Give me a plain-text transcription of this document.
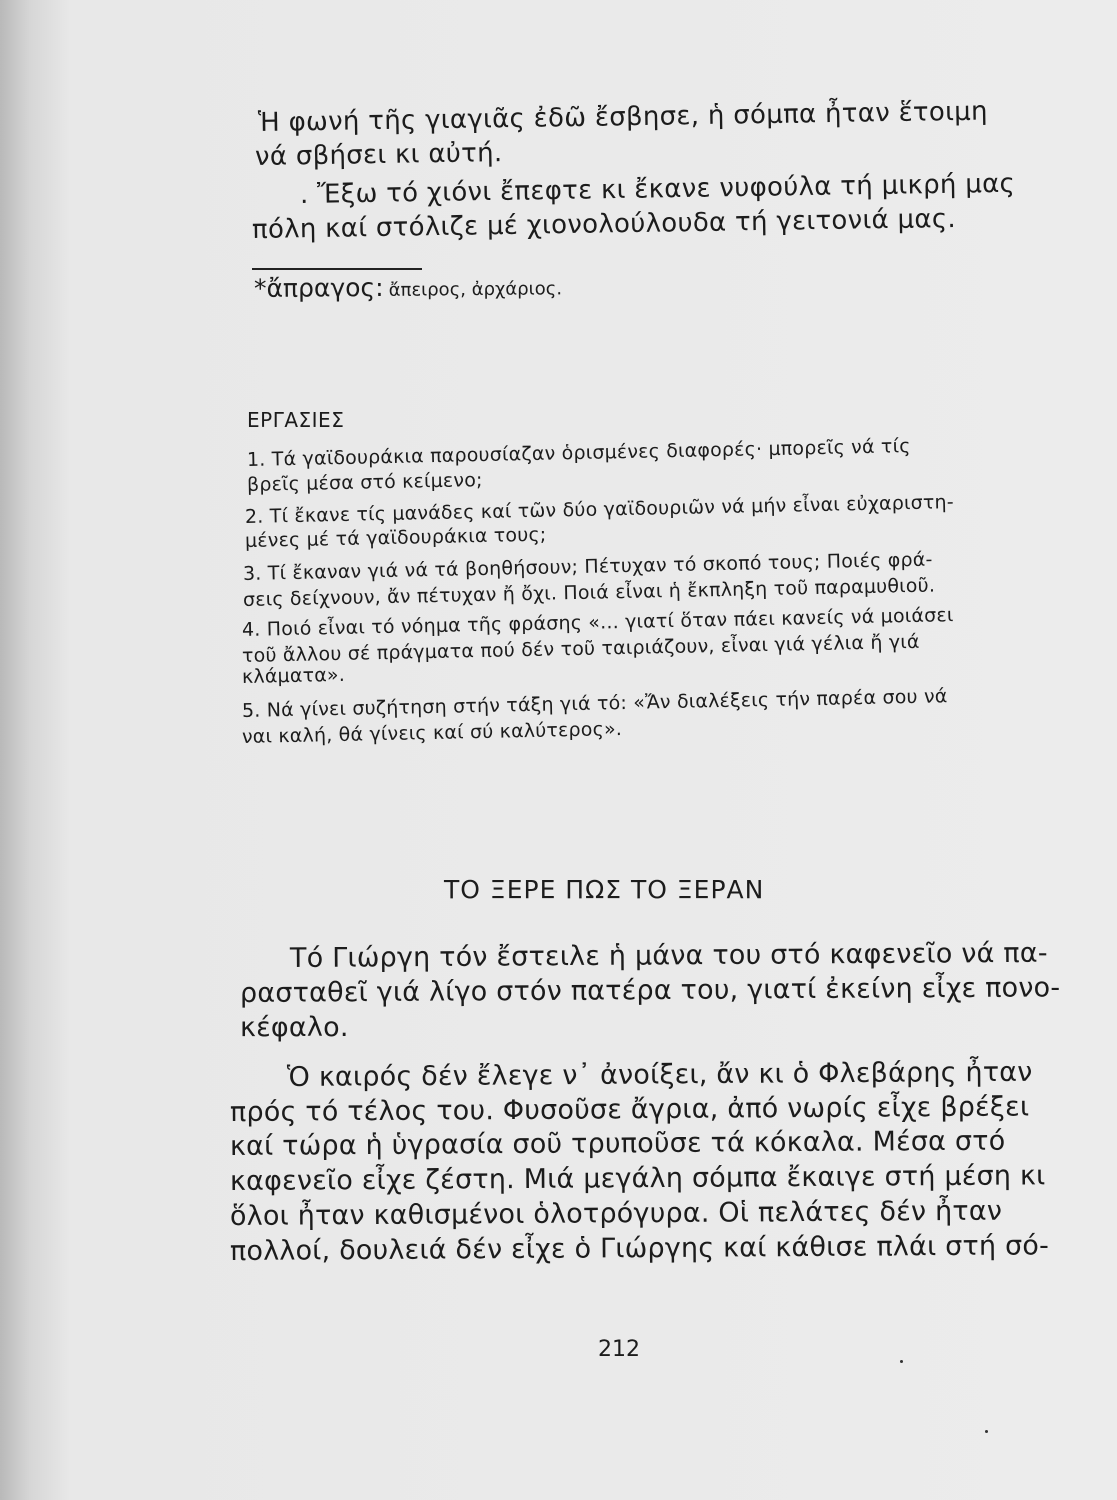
Ἡ φωνή τῆς γιαγιᾶς ἐδῶ ἔσβησε, ἡ σόμπα ἦταν ἕτοιμη
νά σβήσει κι αὐτή.
. Ἔξω τό χιόνι ἔπεφτε κι ἔκανε νυφούλα τή μικρή μας
πόλη καί στόλιζε μέ χιονολούλουδα τή γειτονιά μας.
*ἄπραγος: ἄπειρος, ἀρχάριος.
ΕΡΓΑΣΙΕΣ
1. Τά γαϊδουράκια παρουσίαζαν ὁρισμένες διαφορές· μπορεῖς νά τίς
βρεῖς μέσα στό κείμενο;
2. Τί ἔκανε τίς μανάδες καί τῶν δύο γαϊδουριῶν νά μήν εἶναι εὐχαριστη-
μένες μέ τά γαϊδουράκια τους;
3. Τί ἔκαναν γιά νά τά βοηθήσουν; Πέτυχαν τό σκοπό τους; Ποιές φρά-
σεις δείχνουν, ἄν πέτυχαν ἤ ὄχι. Ποιά εἶναι ἡ ἔκπληξη τοῦ παραμυθιοῦ.
4. Ποιό εἶναι τό νόημα τῆς φράσης «... γιατί ὅταν πάει κανείς νά μοιάσει
τοῦ ἄλλου σέ πράγματα πού δέν τοῦ ταιριάζουν, εἶναι γιά γέλια ἤ γιά
κλάματα».
5. Νά γίνει συζήτηση στήν τάξη γιά τό: «Ἄν διαλέξεις τήν παρέα σου νά
ναι καλή, θά γίνεις καί σύ καλύτερος».
ΤΟ ΞΕΡΕ ΠΩΣ ΤΟ ΞΕΡΑΝ
Τό Γιώργη τόν ἔστειλε ἡ μάνα του στό καφενεῖο νά πα-
ρασταθεῖ γιά λίγο στόν πατέρα του, γιατί ἐκείνη εἶχε πονο-
κέφαλο.
Ὁ καιρός δέν ἔλεγε ν᾽ ἀνοίξει, ἄν κι ὁ Φλεβάρης ἦταν
πρός τό τέλος του. Φυσοῦσε ἄγρια, ἀπό νωρίς εἶχε βρέξει
καί τώρα ἡ ὑγρασία σοῦ τρυποῦσε τά κόκαλα. Μέσα στό
καφενεῖο εἶχε ζέστη. Μιά μεγάλη σόμπα ἔκαιγε στή μέση κι
ὅλοι ἦταν καθισμένοι ὁλοτρόγυρα. Οἱ πελάτες δέν ἦταν
πολλοί, δουλειά δέν εἶχε ὁ Γιώργης καί κάθισε πλάι στή σό-
212
